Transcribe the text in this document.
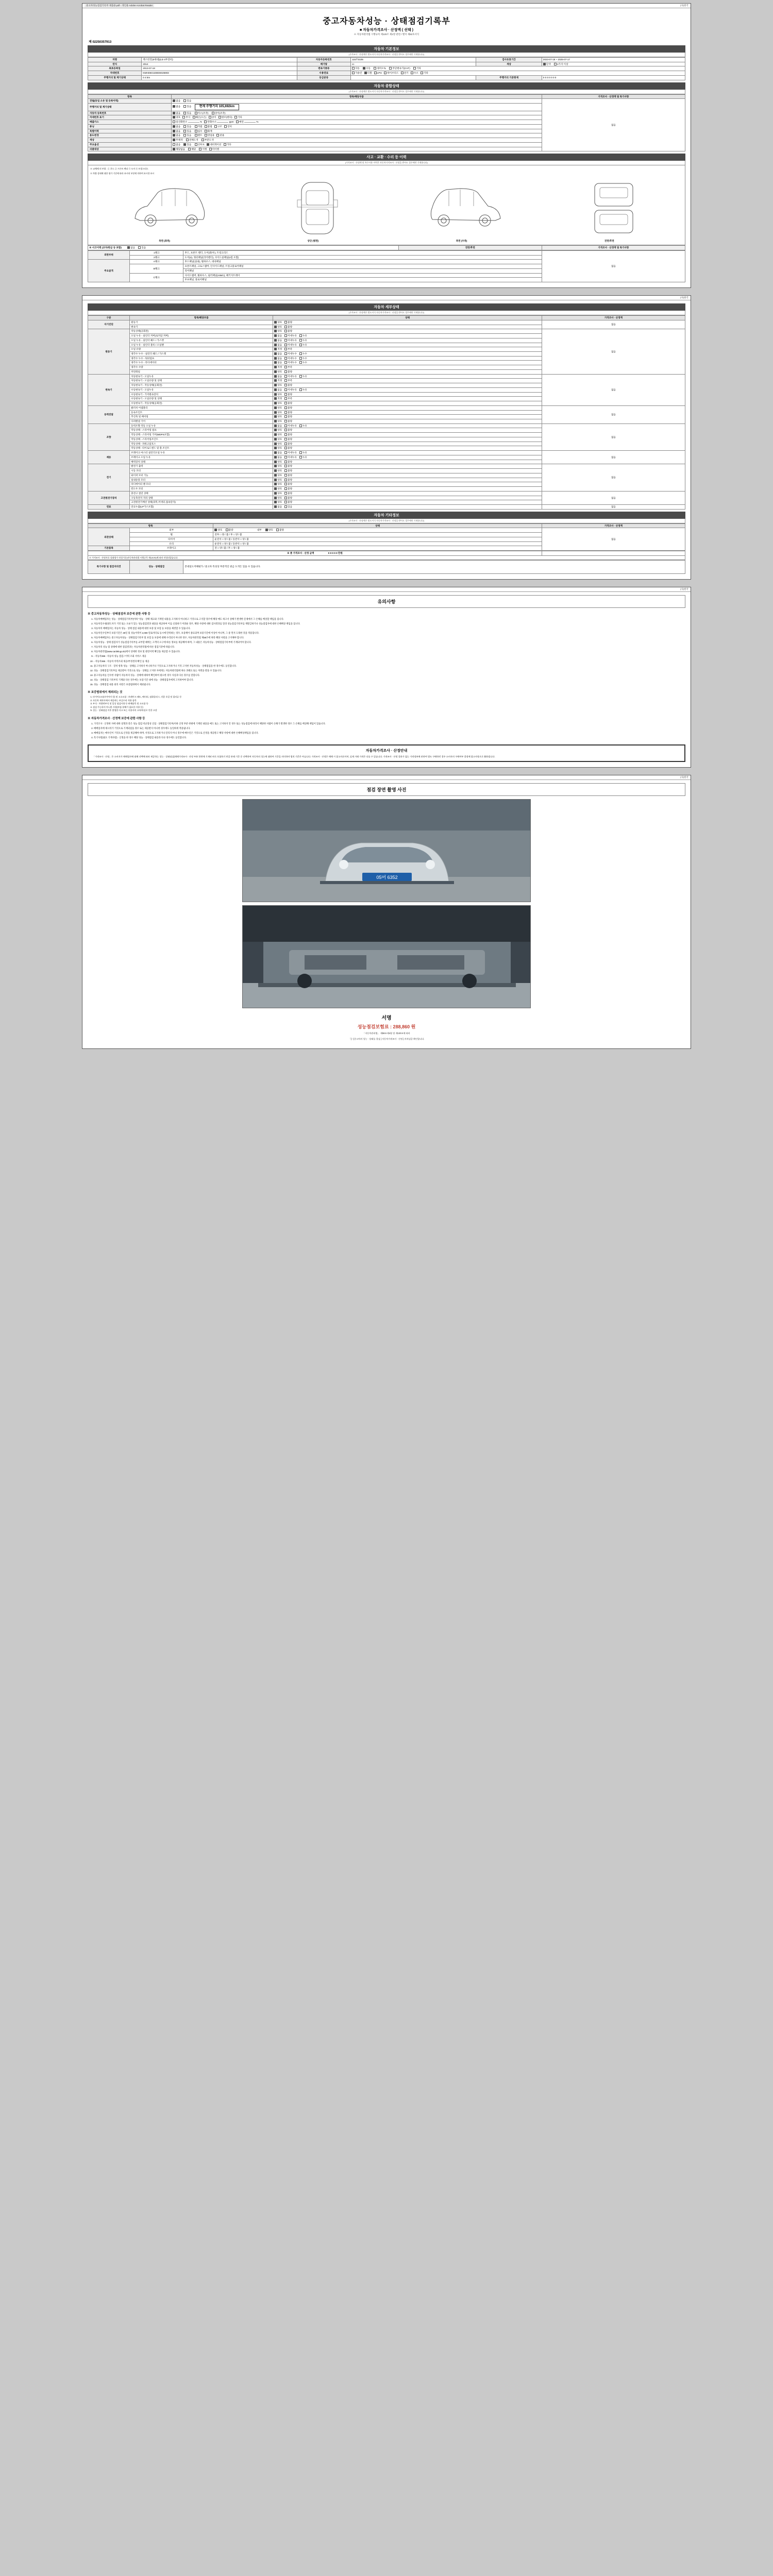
중고차성능점검기록부 제출용.pdf - 개인용 Adobe Acrobat Reader	(사)한국
중고자동차성능 · 상태점검기록부
■ 자동차가격조사 · 산정액 ( 선택 )
※ 자동차관리법 시행규칙 제120조 제1항 관련 / 별지 제82호서식
제 02250357913
자동차 기본정보
(가격조사 · 산정액은 별도서식 자동차가격조사 · 산정을 받아도 경우에만 기재합니다)
차명	렉스턴칸(5세대)(LD 4부장비)	자동차등록번호	115모0105	검사유효기간	2023-07-18 ~ 2025-07-17
연식	2014	배기량	cc	색상	단색 2가지 이상
최초등록일	2013-07-18	변속기종류	자동 수동 세미오토 무단변속기(CVT) 기타		
차대번호	KMHD6G1DDDE025903	사용연료	가솔린 디젤 LPG 하이브리드 전기 수소 기타		
주행거리 및 계기상태	0 4 km	등급분류		주행거리 기준현재	0 0 0 0 0 0 0
자동차 종합상태
(가격조사 · 산정액은 별도서식 자동차가격조사 · 산정을 받아도 경우에만 기재합니다)
항목	항목/해당부품	가격조사 · 산정액 및 특기사항
전월(동일 소유 및 등록이력)	없음 있음	없음
주행거리 및 계기상태	없음 있음 현재 주행거리 105,692km	
자동차 등록번호	없음 있음 미스(조작) 상이(조작)	
차대번호 표기	양호 부식 훼손(오손) 상이 변조(변타) 기타	
배출가스	일산화탄소 % 탄화수소 ppm 매연 %	
튜닝	없음 있음 적법 불법 구조 장치	
특별이력	없음 있음 침수 화재	
용도변경	없음 있음 렌트 영업용 관용	
색상	무채색 전체도색 부분도색	
주요옵션	없음 있음 선루프 네비게이션 기타	
리콜대상	해당없음 해당 이행 미이행	
사고 · 교환 · 수리 등 이력
(가격조사 · 산정액 및 특수사용 이력은 자동차가격조사 · 산정을 받아도 경우에만 기재합니다)
※ 교체에 의 부위 : ① 후드 ② 프론트 펜더 ③ 도어 ④ 트렁크리드
※ 차량 상태에 대한 평가 기준에 따라 표시된 부분에 의하여 표시한 표시
측면 (좌측)	상단 (평면)	측면 (우측)	전면/후면
※ 사고이력 (교차/판금 등 포함)	없음	있음	전면/후면	가격조사 · 산정액 및 특기사항
외판부위	1랭크	후드, 프론트 펜더, 도어(좌/우), 트렁크리드	없음
	2랭크	도어(4), 쿼터패널(리어펜더), 사이드실패널(4점 포함)	
주요골격	A랭크	후드패널(실내), 휠하우스, 대쉬패널	
	B랭크	프론트패널, 크로스멤버, 인사이드패널, 트렁크플로어패널	
		리어패널	
	C랭크	사이드멤버, 휠하우스, 필러패널(A/B/C), 패키지트레이	
		루프패널, 플로어패널	
(사)한국
자동차 세부상태
(가격조사 · 산정액은 별도서식 자동차가격조사 · 산정을 받아도 경우에만 기재합니다)
구분	항목/해당부품	상태	가격조사 · 산정액
자기진단	원동기	양호 불량	없음
	변속기	양호 불량	
원동기	작동상태(공회전)	양호 불량	없음
	오일 누유 - 실린더 커버(로커암 커버)	없음 미세누유 누유	
	오일 누유 - 실린더 헤드 / 가스켓	없음 미세누유 누유	
	오일 누유 - 실린더 블록 / 오일팬	없음 미세누유 누유	
	오일 유량	적정 부족	
	냉각수 누수 - 실린더 헤드 / 가스켓	없음 미세누수 누수	
	냉각수 누수 - 워터펌프	없음 미세누수 누수	
	냉각수 누수 - 라디에이터	없음 미세누수 누수	
	냉각수 수량	적정 부족	
	커먼레일	양호 불량	
변속기	자동변속기 - 오일누유	없음 미세누유 누유	없음
	자동변속기 - 오일유량 및 상태	적정 부족	
	자동변속기 - 작동상태(공회전)	양호 불량	
	수동변속기 - 오일누유	없음 미세누유 누유	
	수동변속기 - 기어변속장치	양호 불량	
	수동변속기 - 오일유량 및 상태	적정 부족	
	수동변속기 - 작동상태(공회전)	양호 불량	
동력전달	클러치 어셈블리	양호 불량	없음
	등속조인트	양호 불량	
	추진축 및 베어링	양호 불량	
	디퍼렌셜 기어	양호 불량	
조향	동력조향 작동 오일 누유	없음 미세누유 누유	없음
	작동상태 - 스티어링 펌프	양호 불량	
	작동상태 - 스티어링 기어(MDPS포함)	양호 불량	
	작동상태 - 스티어링조인트	양호 불량	
	작동상태 - 파워고압호스	양호 불량	
	작동상태 - 타이로드엔드 및 볼 조인트	양호 불량	
제동	브레이크 마스터 실린더오일 누유	없음 미세누유 누유	없음
	브레이크 오일 누유	없음 미세누유 누유	
	배력장치 상태	양호 불량	
전기	발전기 출력	양호 불량	없음
	시동 모터	양호 불량	
	와이퍼 모터 기능	양호 불량	
	실내송풍 모터	양호 불량	
	라디에이터 팬 모터	양호 불량	
	윈도우 모터	양호 불량	
고전원전기장치	충전구 절연 상태	양호 불량	없음
	구동축전지 격리 상태	양호 불량	
	고전원전기배선 상태(피복,커넥터,접속단자)	양호 불량	
연료	연료누출(LP가스포함)	없음 있음	없음
자동차 기타정보
(가격조사 · 산정액은 별도서식 자동차가격조사 · 산정을 받아도 경우에만 기재합니다)
항목		상태	가격조사 · 산정액
외관상태	외부	양호 불량 내부 양호 불량	없음
	휠	전후 □ 양 / 불 / 후 □ 양 / 불	
	타이어	운전석 □ 양 / 불 / 동반석 □ 양 / 불	
	유리	운전석 □ 양 / 불 / 동반석 □ 양 / 불	
기본품목	브레이크	전 □ 양 / 불 / 후 □ 양 / 불	
※ 총 가격조사 · 산정 금액	0 0 0 0 0 만원	
※ 가격조사 · 산정자료 상대평가 작성기준(자동차관리법 시행규칙 제120조)에 따라 작성되었습니다.
특기사항 및 점검자의견	성능 · 상태점검	본대일도저해평가 / 중고차 특성상 부분적인 판금 도색은 있을 수 있습니다.
(사)한국
유의사항
※ 중고자동차성능 · 상태점검자 보증에 관한 사항 등
1. 자동차매매업자는 성능 · 상태점검기록부(이하 "성능 · 상태 체크와 기재된 내용을 고지하지 아니하고 거짓으로 고지할 경우에 해당 매도 하고서 상해가 발생한 문제에서 그 손해를 배상할 책임을 집니다.
2. 자동차인수권(양도자가 거짓 또는 오류가 있는 성능점검결과 내용을 제공하여 이를 신뢰하기 어려운 경우, 해당 사항에 대한 검사결과를 알려 성능점검기록부를 재발급하거나 성능점검자에 대한 손해배상 책임을 집니다.
3. 자동차의 매매업자는 자동차 성능 · 상태 점검 내용에 대한 보증 및 보험 등 보증을 체결할 수 있습니다.
4. 자동차인수일부터 보증기간은 30일 및 성능이력이 2,000 킬로미터로 동시에 만족하는 경우, 보증책이 종료되며 보증기간에 이상이 아니며, 그 중 먼저 도래한 것을 적용합니다.
5. 자동차매매업자는 중고자동차성능 · 상태점검기록부 및 보험 등 보증에 대해 수리되지 아니한 경우, 자동차관리법 제58조에 따라 해당 사항을 고지해야 합니다.
6. 자동차성능 · 상태 점검자가 성능점검기록부를 교부할 때에는 고객의 요구에 따른 정보를 제공해야 하며, 그 내용은 자동차성능 · 상태점검기록부에 기재되어야 합니다.
7. 자동차의 성능 및 상태에 대한 점검결과는 자동차관리법에 따른 점검기준에 따릅니다.
8. 자동차관리법(www.car365.go.kr)에서 상세한 정보 및 관련이력 확인을 제공할 수 있습니다.
9. - 자동차365 : 자동차 성능 점검 / 이력 조회 서비스 제공
10. - 자동차365 : 자동차 이력조회 제공/부정결과 확인 등 제공
11. 중고자동차의 구조 · 장치 항목 성능 · 상태를 고지하지 아니하거나 거짓으로 고지하거나 거짓 고지한 자동차성능 · 상태점검을 한 경우에도 동일합니다.
12. 성능 · 상태점검기록부를 제공받아 거짓으로 성능 · 상태를 고지한 자에게는 자동차관리법에 따른 과태료 또는 처벌을 받을 수 있습니다.
13. 중고자동차를 인수한 사람이 자동차의 성능 · 상태에 대하여 확인하여 필요한 경우 사실과 다른 경우를 말합니다.
14. 성능 · 상태점검 기록부의 기재와 다른 경우에는 보증기간 내에 성능 · 상태점검자에게 고지하여야 합니다.
15. 성능 · 상태점검 내용 외의 사항은 보증범위에서 제외됩니다.
※ 보증범위에서 제외되는 것
1. 타이어소모(타이어비 등) 및 고소모품 : 브레이크 패드, 배터리, 점화플러그, 각종 오일 및 필터류 등
2. 자동차 제작사에서 제공하는 보증수리 적용 품목
3. 부식 · 차량연부식 및 일상 점검사항 등 판매품목 및 소모품 등
4. 점검 가능하지 아니한 사항(부품 분해가 필요한 사항 등)
5. 성능 · 상태점검 이후 발생한 사고 또는 사용자의 고의/과실로 인한 고장
※ 자동차가격조사 · 산정액 보증에 관한 사항 등
1. 가격조사 · 산정한 자에 대한 설명과 같은 성능 점검 비교형성 산업 · 상태점검기록부(이하 산정 부분 한편에 기재된 내용을 매도 또는 고지하지 안 경우 또는 성능점검에 따라서 해당한 사람이 손해가 발생한 경우 그 손해를 배상해 책임이 있습니다.
2. 매매업자에 제시리가 거짓으로 기재되었을 경우 또는 제공받지 아니한 경우에도 동일하게 적용됩니다.
3. 매매업자는 매수인이 거짓으로 산정을 제공해야 하며, 사정으로 고지하거나 알리지 아니 경우에 매수인은 거짓으로 산정을 제공받고 해당 사항에 대한 손해배상책임을 집니다.
4. 특기사항(필요 기재사항) · 산정을 한 경우 해당 성능 · 상태점검 내용과 다른 경우에도 동일합니다.
자동차가격조사 · 산정안내
「가격조사 · 산정」은 소비자가 매매업자에 대해 선택에 따라 제공하는 성능 · 상태점검(매매가격조사 · 산정 부분 한편에 기재된 바로 포함하기 만큼 본래 기준 중 선택하여 자동차의 성능에 대하여 기준을 의미하며 법적 기준은 아닙니다. 가격조사 · 산정은 매매 시 참고자료이며, 실제 거래 가격은 다를 수 있습니다. 가격조사 · 산정 결과가 없는 가격정보에 관하여 별도 구매하던 경우 소비자의 구매여부 결정에 참고사항으로 활용됩니다.
(사)한국
점검 장면 촬영 사진
05머 6352
서명
성능점검보험료 : 288,860 원
「자동차관리법」 제58조제4항 및 제120조에 따라
「[ㅡ]중고차의 성능 · 상태를 경검 [ 자동차가격조사 · 산정 ] 자격검증 확인합니다.
